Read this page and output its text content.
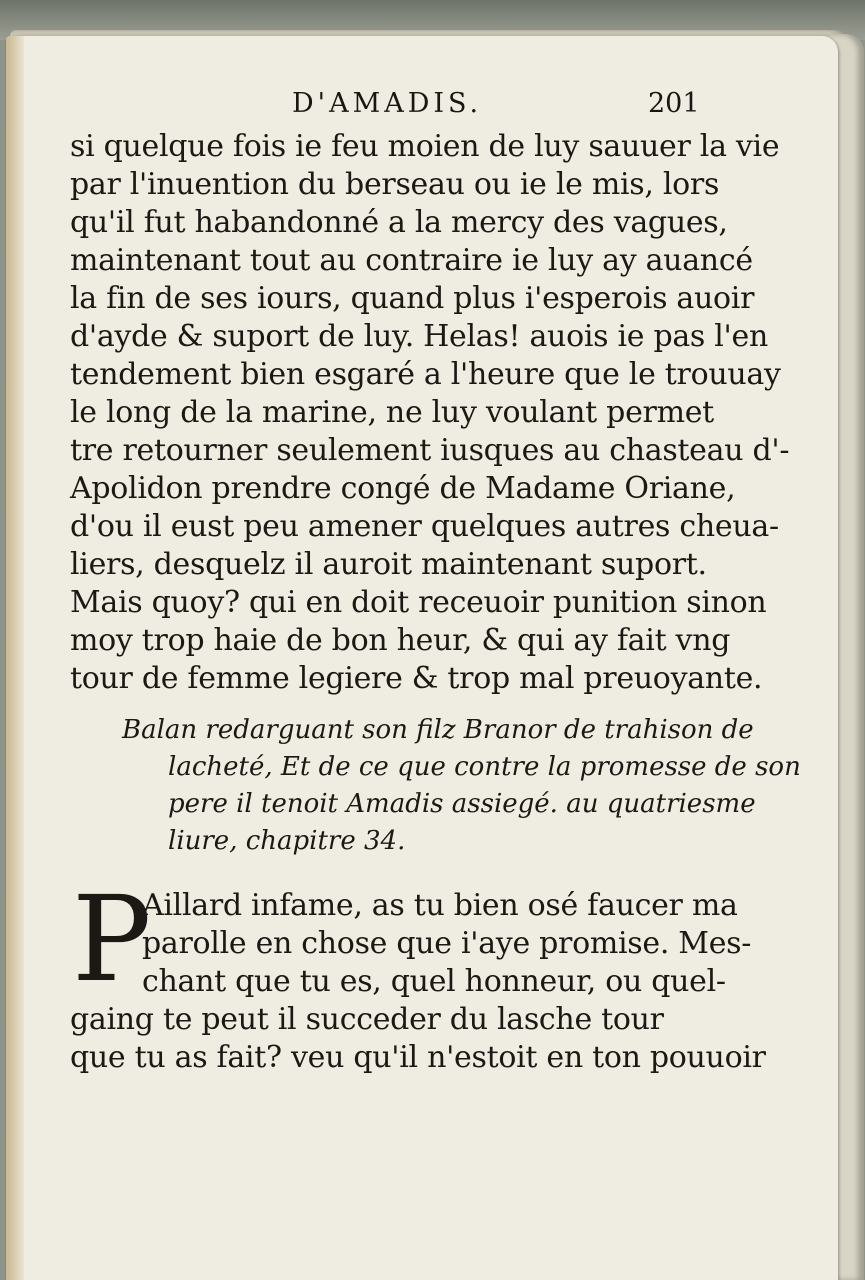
D'AMADIS.	201
si quelque fois ie feu moien de luy sauuer la vie
par l'inuention du berseau ou ie le mis, lors
qu'il fut habandonné a la mercy des vagues,
maintenant tout au contraire ie luy ay auancé
la fin de ses iours, quand plus i'esperois auoir
d'ayde & suport de luy. Helas! auois ie pas l'en
tendement bien esgaré a l'heure que le trouuay
le long de la marine, ne luy voulant permet
tre retourner seulement iusques au chasteau d'-
Apolidon prendre congé de Madame Oriane,
d'ou il eust peu amener quelques autres cheua-
liers, desquelz il auroit maintenant suport.
Mais quoy? qui en doit receuoir punition sinon
moy trop haie de bon heur, & qui ay fait vng
tour de femme legiere & trop mal preuoyante.
Balan redarguant son filz Branor de trahison de
lacheté, Et de ce que contre la promesse de son
pere il tenoit Amadis assiegé. au quatriesme
liure, chapitre 34.
P
Aillard infame, as tu bien osé faucer ma
parolle en chose que i'aye promise. Mes-
chant que tu es, quel honneur, ou quel-
gaing te peut il succeder du lasche tour
que tu as fait? veu qu'il n'estoit en ton pouuoir
